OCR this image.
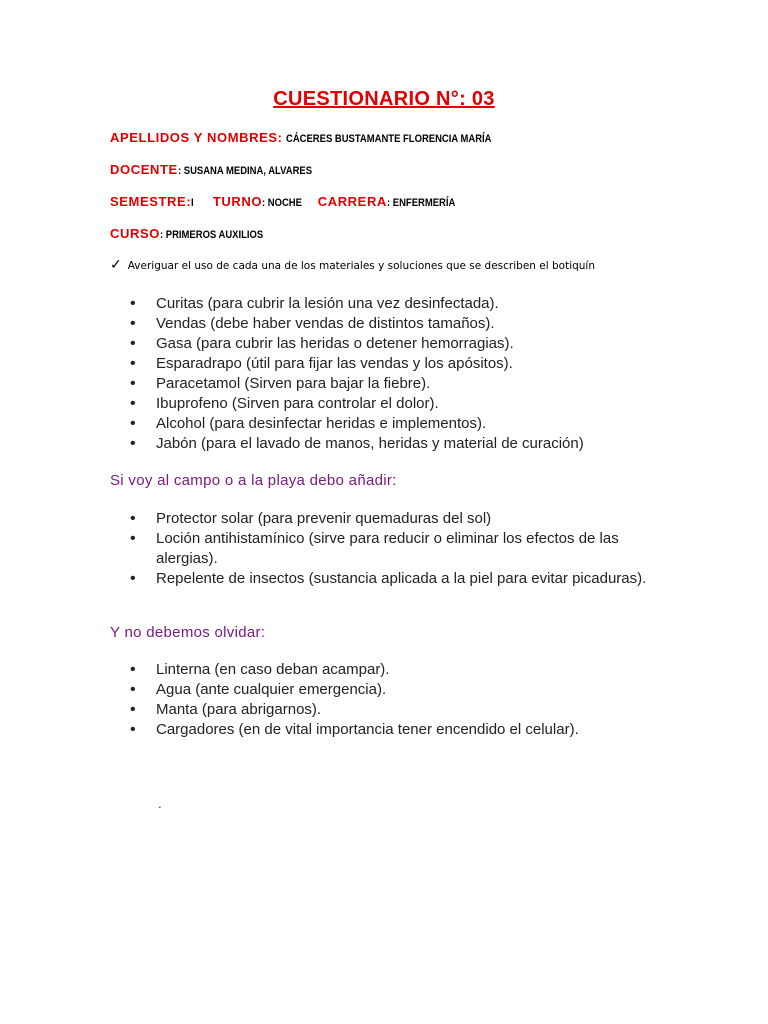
CUESTIONARIO N°: 03
APELLIDOS Y NOMBRES: CÁCERES BUSTAMANTE FLORENCIA MARÍA
DOCENTE: SUSANA MEDINA, ALVARES
SEMESTRE:I TURNO: NOCHE CARRERA: ENFERMERÍA
CURSO: PRIMEROS AUXILIOS
✓ Averiguar el uso de cada una de los materiales y soluciones que se describen el botiquín
• Curitas (para cubrir la lesión una vez desinfectada).
• Vendas (debe haber vendas de distintos tamaños).
• Gasa (para cubrir las heridas o detener hemorragias).
• Esparadrapo (útil para fijar las vendas y los apósitos).
• Paracetamol (Sirven para bajar la fiebre).
• Ibuprofeno (Sirven para controlar el dolor).
• Alcohol (para desinfectar heridas e implementos).
• Jabón (para el lavado de manos, heridas y material de curación)
Si voy al campo o a la playa debo añadir:
• Protector solar (para prevenir quemaduras del sol)
• Loción antihistamínico (sirve para reducir o eliminar los efectos de las alergias).
• Repelente de insectos (sustancia aplicada a la piel para evitar picaduras).
Y no debemos olvidar:
• Linterna (en caso deban acampar).
• Agua (ante cualquier emergencia).
• Manta (para abrigarnos).
• Cargadores (en de vital importancia tener encendido el celular).
.
